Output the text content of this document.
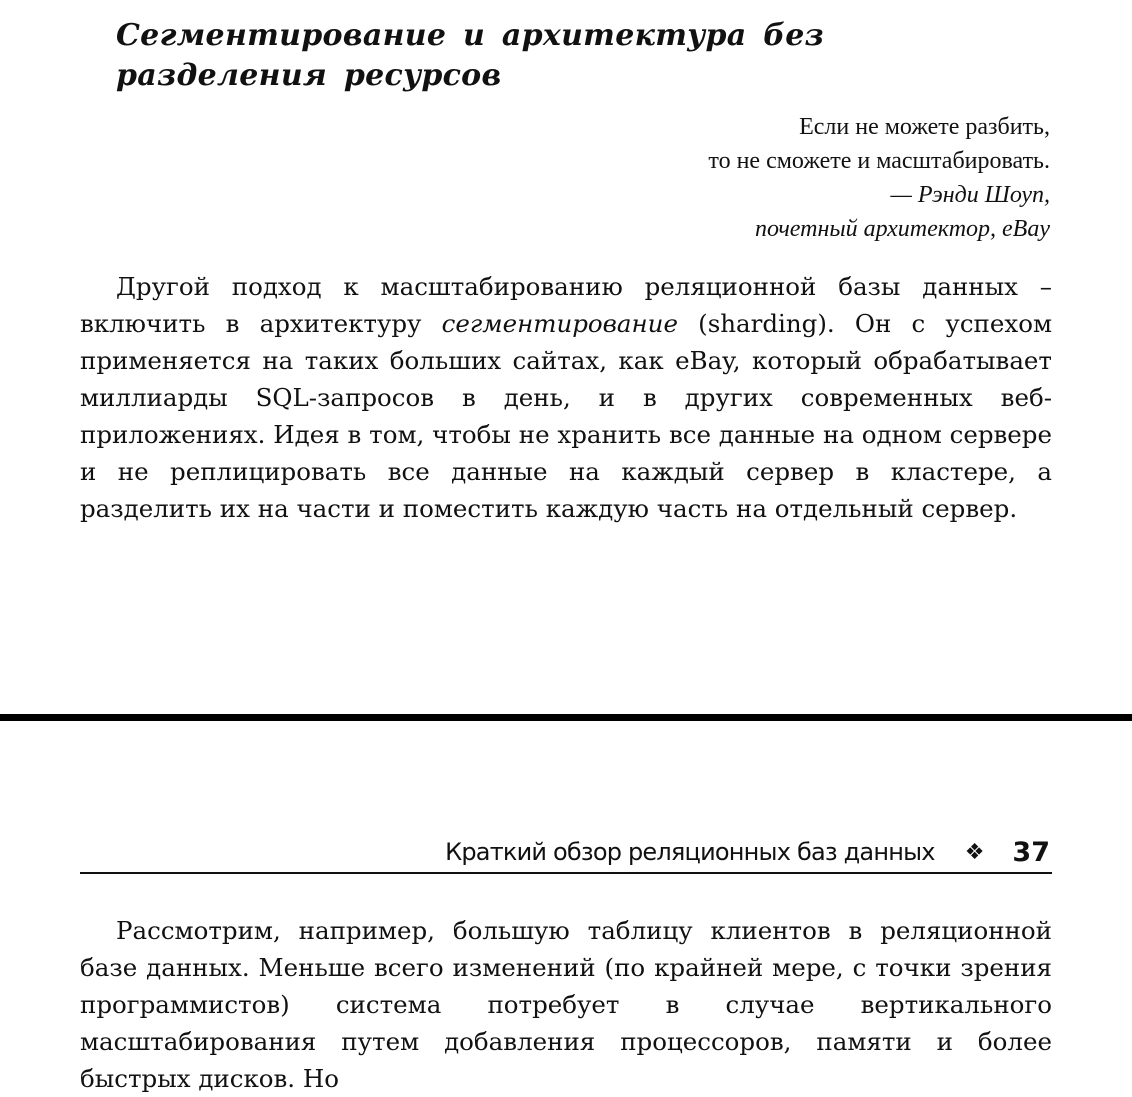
Сегментирование и архитектура без разделения ресурсов
Если не можете разбить,
то не сможете и масштабировать.
— Рэнди Шоуп,
почетный архитектор, eBay

Другой подход к масштабированию реляционной базы данных – включить в архитектуру сегментирование (sharding). Он с успехом применяется на таких больших сайтах, как eBay, который обрабатывает миллиарды SQL-запросов в день, и в других современных веб-приложениях. Идея в том, чтобы не хранить все данные на одном сервере и не реплицировать все данные на каждый сервер в кластере, а разделить их на части и поместить каждую часть на отдельный сервер.

Краткий обзор реляционных баз данных ❖ 37

Рассмотрим, например, большую таблицу клиентов в реляционной базе данных. Меньше всего изменений (по крайней мере, с точки зрения программистов) система потребует в случае вертикального масштабирования путем добавления процессоров, памяти и более быстрых дисков. Но
